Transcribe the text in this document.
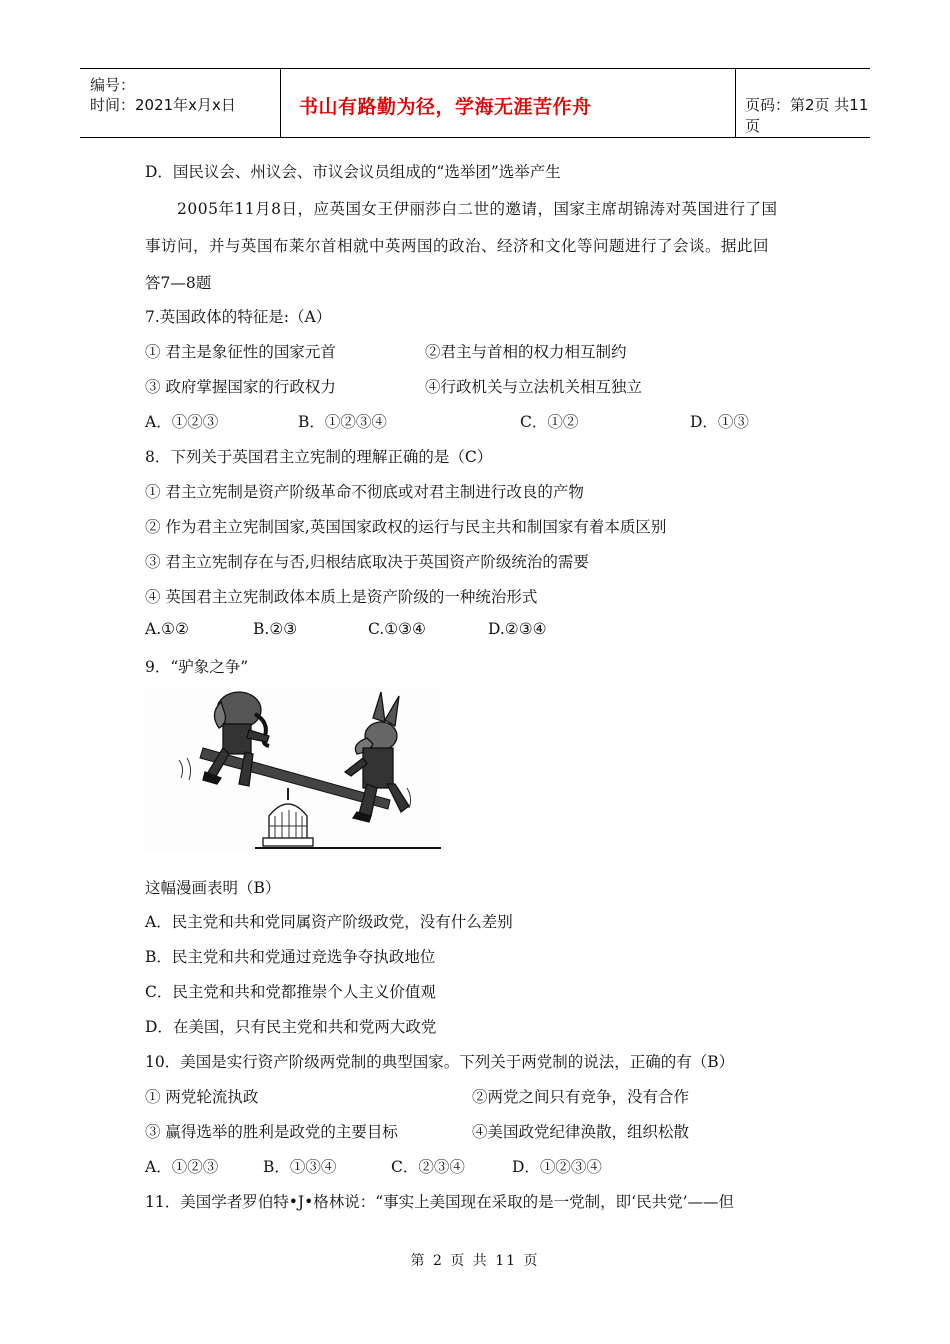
编号：
时间：2021年x月x日	书山有路勤为径，学海无涯苦作舟	页码：第2页 共11页
D．国民议会、州议会、市议会议员组成的“选举团”选举产生
　　2005年11月8日，应英国女王伊丽莎白二世的邀请，国家主席胡锦涛对英国进行了国
事访问，并与英国布莱尔首相就中英两国的政治、经济和文化等问题进行了会谈。据此回
答7—8题
7.英国政体的特征是:（A）
① 君主是象征性的国家元首	②君主与首相的权力相互制约
③ 政府掌握国家的行政权力	④行政机关与立法机关相互独立
A．①②③	B．①②③④	C．①②	D．①③
8．下列关于英国君主立宪制的理解正确的是（C）
① 君主立宪制是资产阶级革命不彻底或对君主制进行改良的产物
② 作为君主立宪制国家,英国国家政权的运行与民主共和制国家有着本质区别
③ 君主立宪制存在与否,归根结底取决于英国资产阶级统治的需要
④ 英国君主立宪制政体本质上是资产阶级的一种统治形式
A.①②	B.②③	C.①③④	D.②③④
9．“驴象之争”
这幅漫画表明（B）
A．民主党和共和党同属资产阶级政党，没有什么差别
B．民主党和共和党通过竞选争夺执政地位
C．民主党和共和党都推崇个人主义价值观
D．在美国，只有民主党和共和党两大政党
10．美国是实行资产阶级两党制的典型国家。下列关于两党制的说法，正确的有（B）
① 两党轮流执政	②两党之间只有竞争，没有合作
③ 赢得选举的胜利是政党的主要目标	④美国政党纪律涣散，组织松散
A．①②③	B．①③④	C．②③④	D．①②③④
11．美国学者罗伯特•J•格林说：“事实上美国现在采取的是一党制，即‘民共党’——但
第 2 页 共 11 页
